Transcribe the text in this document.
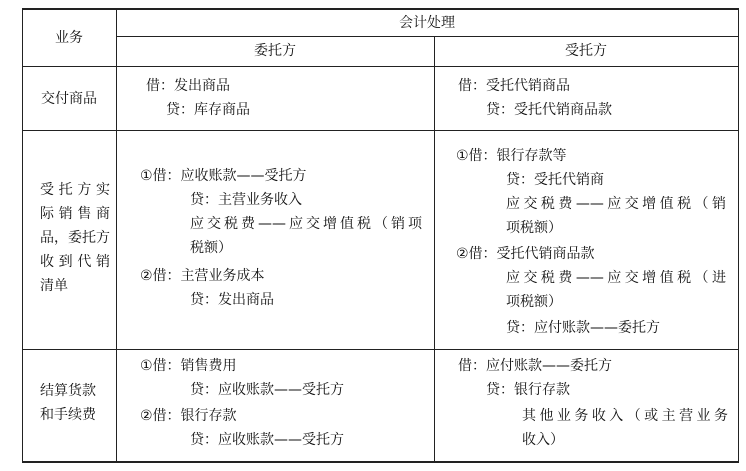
业务
会计处理
委托方	受托方
交付商品
借：发出商品
贷：库存商品
借：受托代销商品
贷：受托代销商品款
受托方实
际销售商
品，委托方
收到代销
清单
①借：应收账款——受托方
贷：主营业务收入
应交税费——应交增值税（销项
税额）
②借：主营业务成本
贷：发出商品
①借：银行存款等
贷：受托代销商
应交税费——应交增值税（销
项税额）
②借：受托代销商品款
应交税费——应交增值税（进
项税额）
贷：应付账款——委托方
结算货款
和手续费
①借：销售费用
贷：应收账款——受托方
②借：银行存款
贷：应收账款——受托方
借：应付账款——委托方
贷：银行存款
其他业务收入（或主营业务
收入）
